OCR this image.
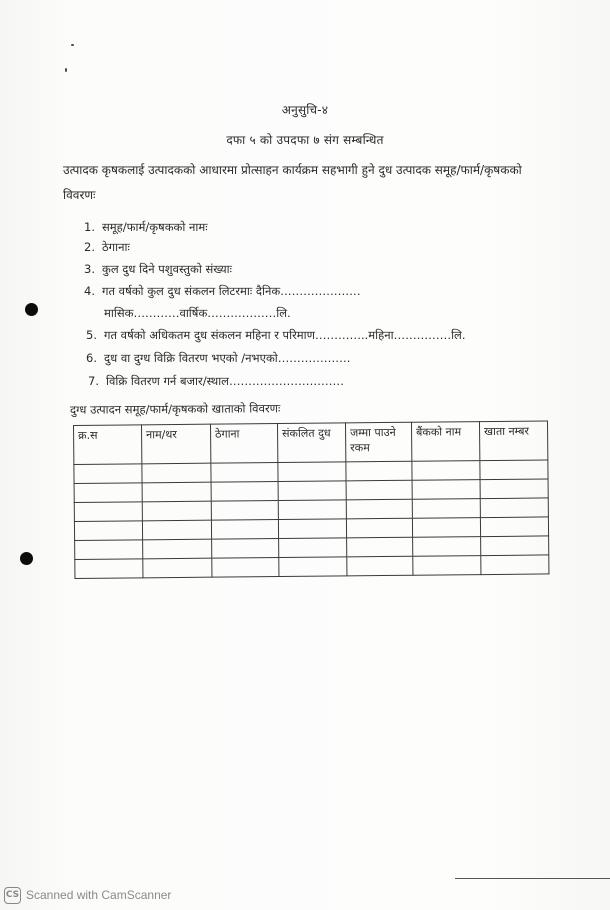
अनुसुचि-४
दफा ५ को उपदफा ७ संग सम्बन्धित
उत्पादक कृषकलाई उत्पादकको आधारमा प्रोत्साहन कार्यक्रम सहभागी हुने दुध उत्पादक समूह/फार्म/कृषकको विवरणः
1. समूह/फार्म/कृषकको नामः
2. ठेगानाः
3. कुल दुध दिने पशुवस्तुको संख्याः
4. गत वर्षको कुल दुध संकलन लिटरमाः दैनिक…………………
मासिक…………वार्षिक………………लि.
5. गत वर्षको अधिकतम दुध संकलन महिना र परिमाण…………..महिना……………लि.
6. दुध वा दुग्ध विक्रि वितरण भएको /नभएको……………….
7. विक्रि वितरण गर्न बजार/स्थाल…………………………
दुग्ध उत्पादन समूह/फार्म/कृषकको खाताको विवरणः
क्र.स	नाम/थर	ठेगाना	संकलित दुध	जम्मा पाउने रकम	बैंकको नाम	खाता नम्बर

CS Scanned with CamScanner
